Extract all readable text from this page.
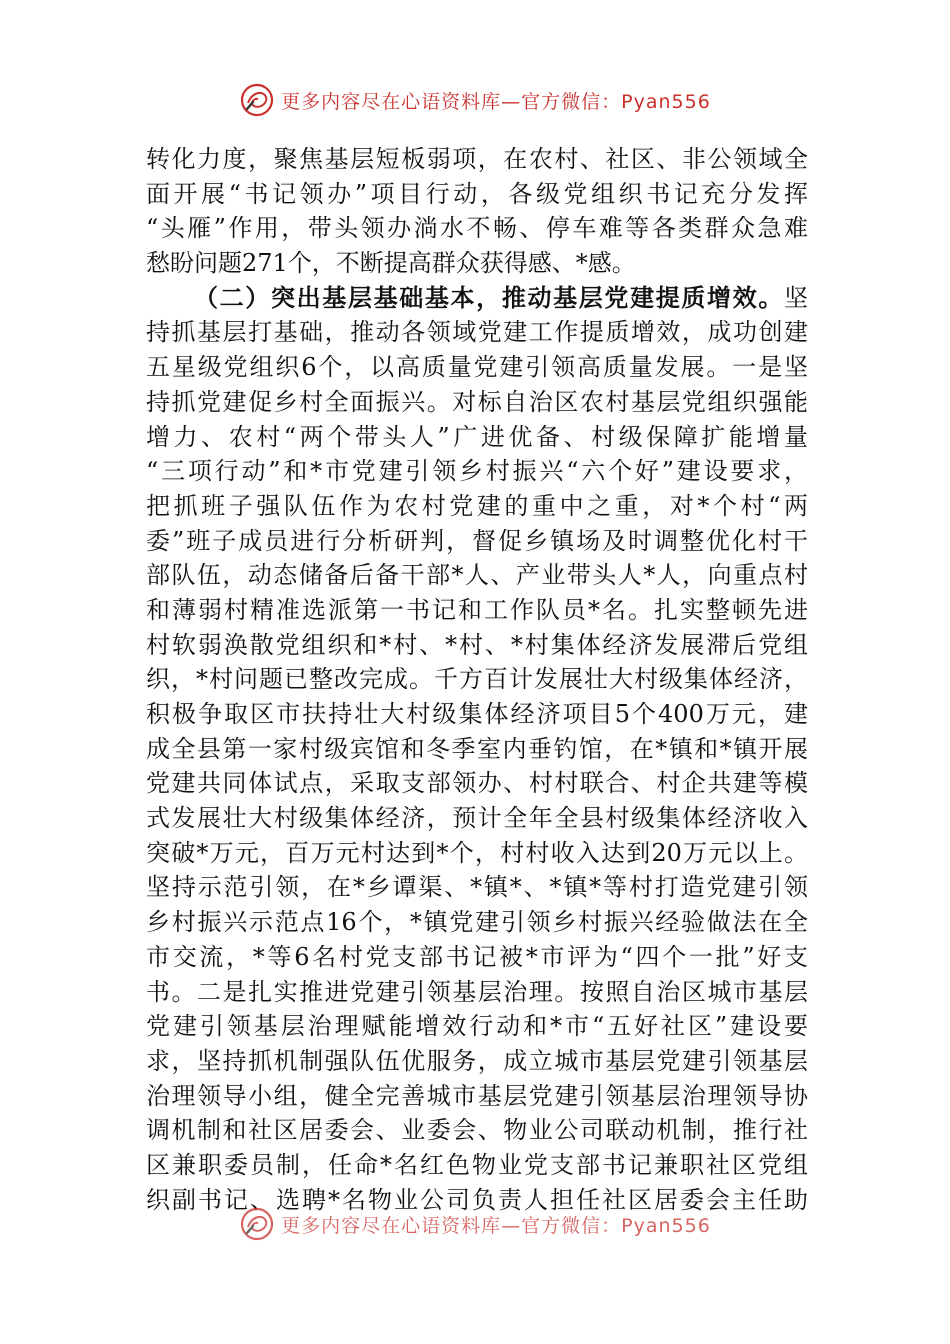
更多内容尽在心语资料库—官方微信：Pyan556
转化力度，聚焦基层短板弱项，在农村、社区、非公领域全
面开展“书记领办”项目行动，各级党组织书记充分发挥
“头雁”作用，带头领办淌水不畅、停车难等各类群众急难
愁盼问题271个，不断提高群众获得感、*感。
（二）突出基层基础基本，推动基层党建提质增效。坚
持抓基层打基础，推动各领域党建工作提质增效，成功创建
五星级党组织6个，以高质量党建引领高质量发展。一是坚
持抓党建促乡村全面振兴。对标自治区农村基层党组织强能
增力、农村“两个带头人”广进优备、村级保障扩能增量
“三项行动”和*市党建引领乡村振兴“六个好”建设要求，
把抓班子强队伍作为农村党建的重中之重，对*个村“两
委”班子成员进行分析研判，督促乡镇场及时调整优化村干
部队伍，动态储备后备干部*人、产业带头人*人，向重点村
和薄弱村精准选派第一书记和工作队员*名。扎实整顿先进
村软弱涣散党组织和*村、*村、*村集体经济发展滞后党组
织，*村问题已整改完成。千方百计发展壮大村级集体经济，
积极争取区市扶持壮大村级集体经济项目5个400万元，建
成全县第一家村级宾馆和冬季室内垂钓馆，在*镇和*镇开展
党建共同体试点，采取支部领办、村村联合、村企共建等模
式发展壮大村级集体经济，预计全年全县村级集体经济收入
突破*万元，百万元村达到*个，村村收入达到20万元以上。
坚持示范引领，在*乡谭渠、*镇*、*镇*等村打造党建引领
乡村振兴示范点16个，*镇党建引领乡村振兴经验做法在全
市交流，*等6名村党支部书记被*市评为“四个一批”好支
书。二是扎实推进党建引领基层治理。按照自治区城市基层
党建引领基层治理赋能增效行动和*市“五好社区”建设要
求，坚持抓机制强队伍优服务，成立城市基层党建引领基层
治理领导小组，健全完善城市基层党建引领基层治理领导协
调机制和社区居委会、业委会、物业公司联动机制，推行社
区兼职委员制，任命*名红色物业党支部书记兼职社区党组
织副书记、选聘*名物业公司负责人担任社区居委会主任助
更多内容尽在心语资料库—官方微信：Pyan556
